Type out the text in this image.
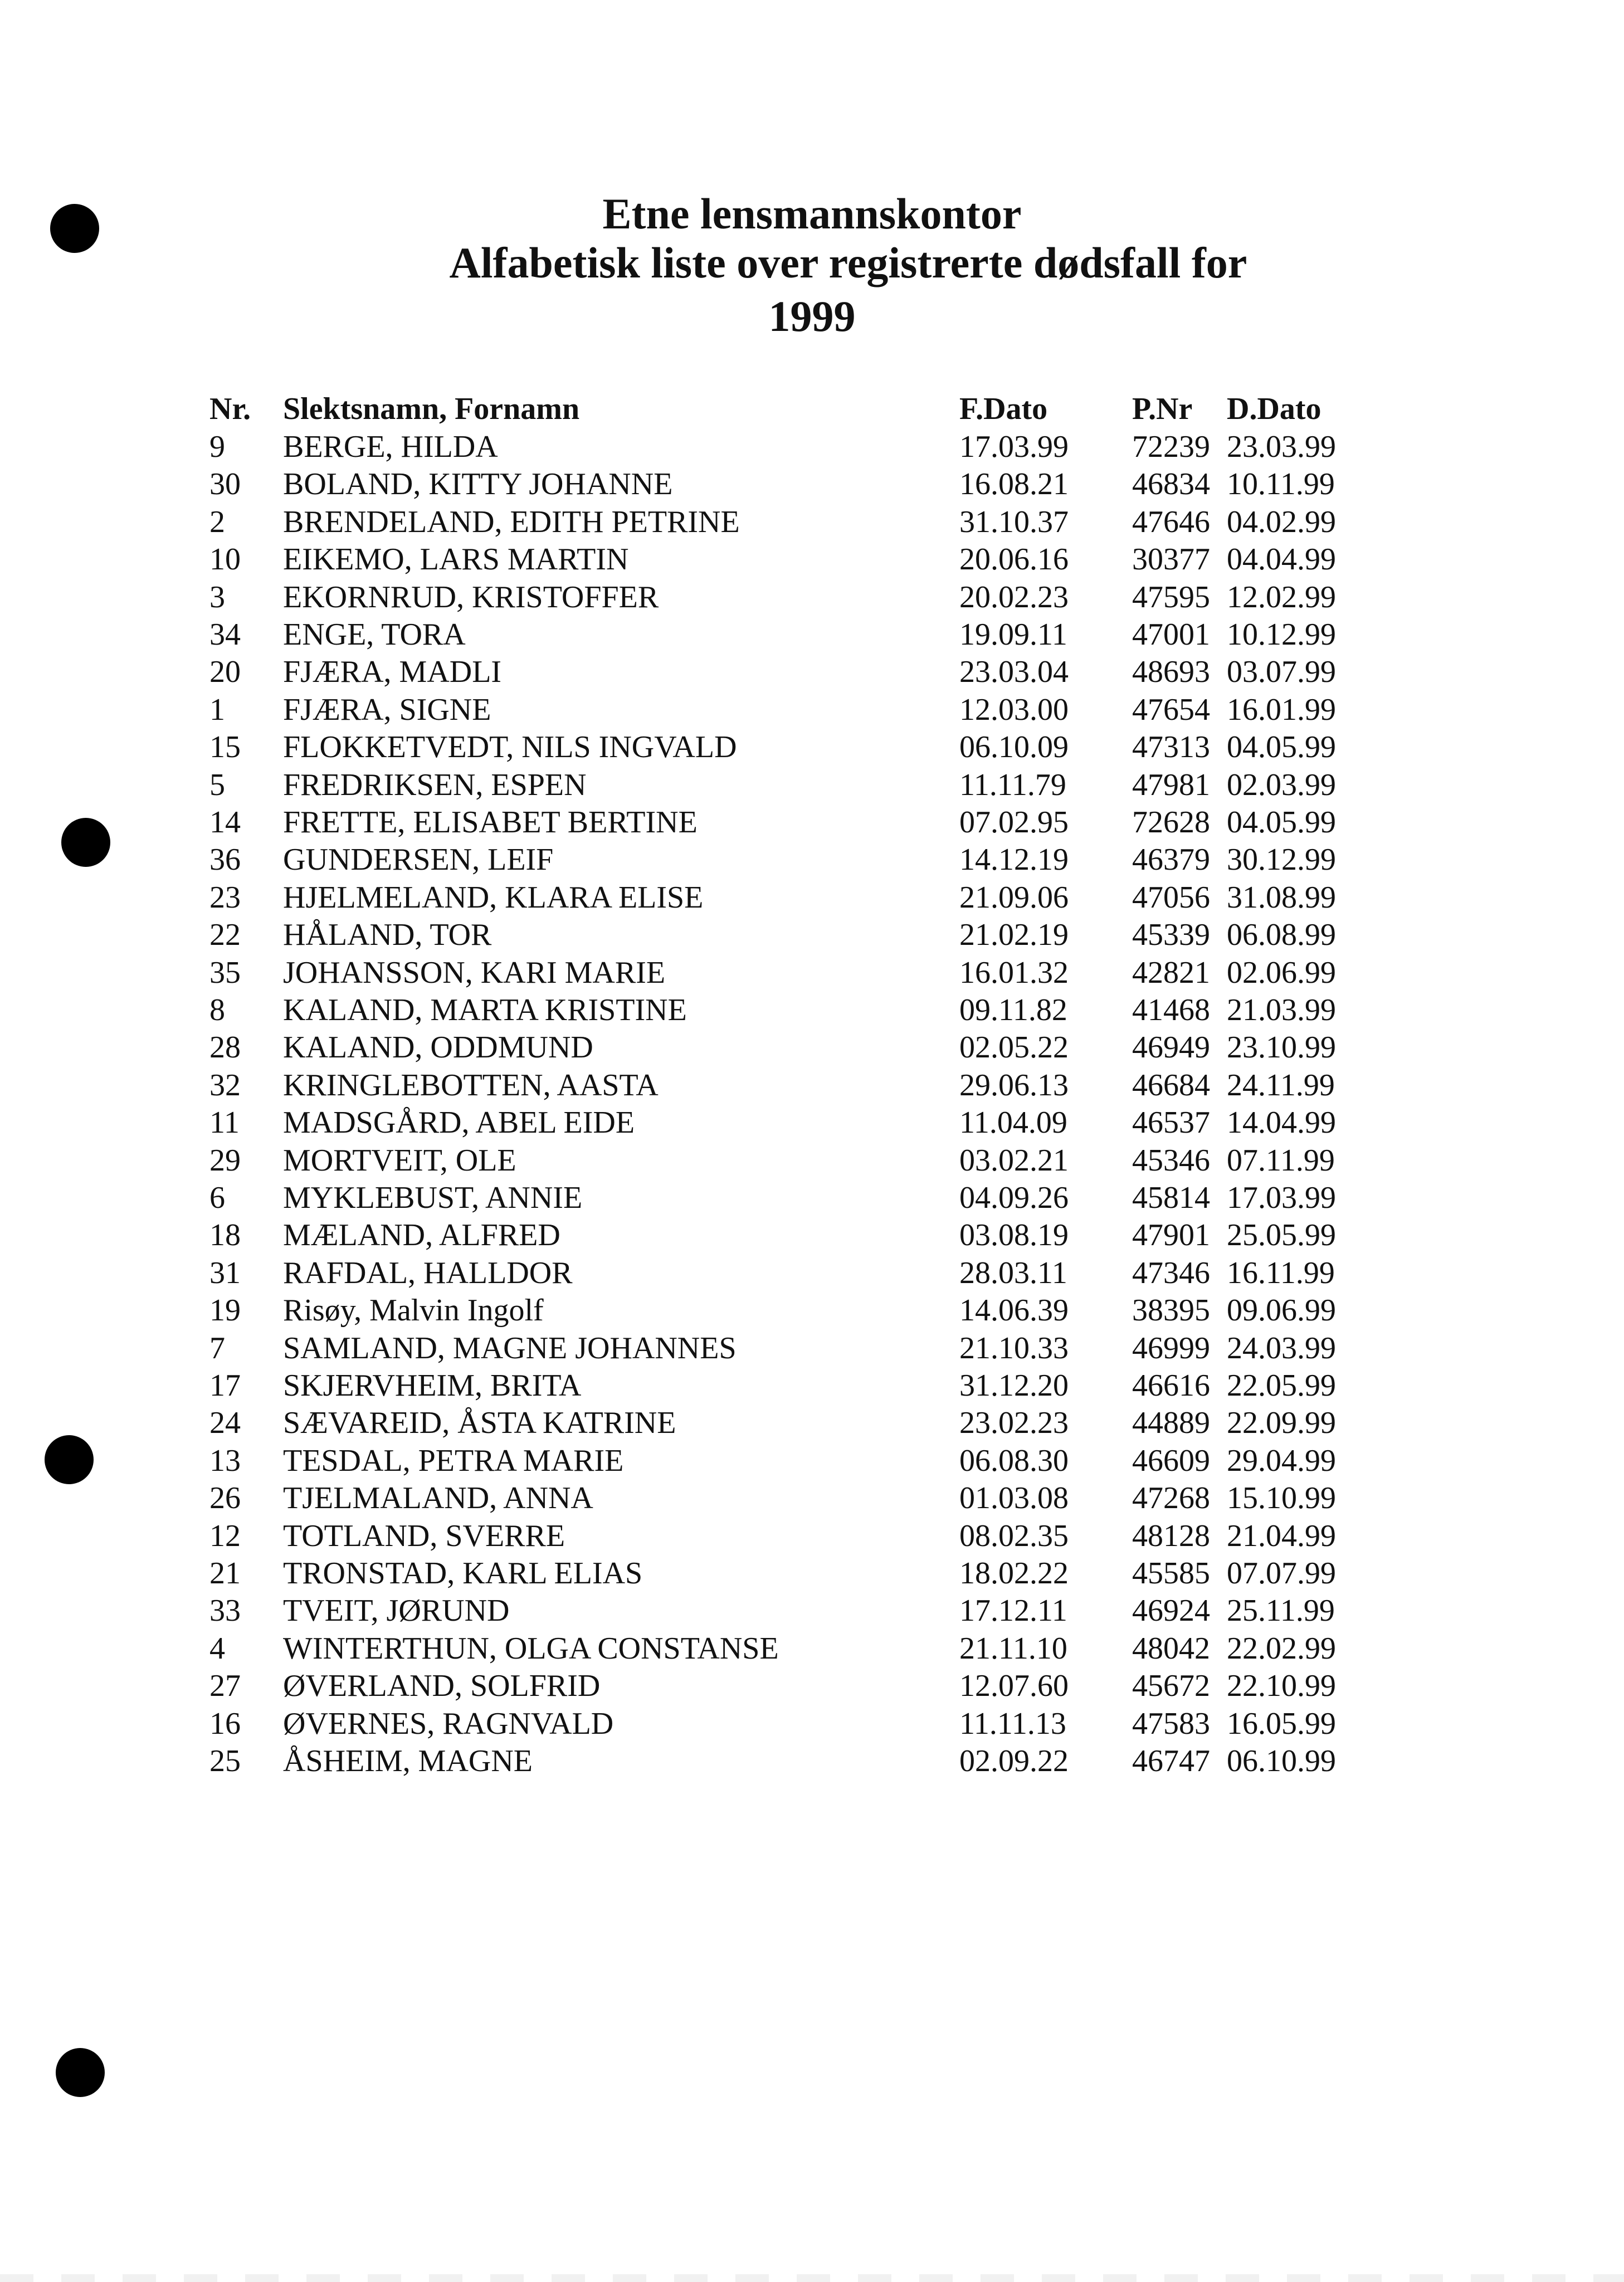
Etne lensmannskontor
Alfabetisk liste over registrerte dødsfall for
1999
Nr. Slektsnamn, Fornamn	F.Dato	P.Nr D.Dato
9 BERGE, HILDA	17.03.99 72239 23.03.99
30 BOLAND, KITTY JOHANNE	16.08.21 46834 10.11.99
2 BRENDELAND, EDITH PETRINE	31.10.37 47646 04.02.99
10 EIKEMO, LARS MARTIN	20.06.16 30377 04.04.99
3 EKORNRUD, KRISTOFFER	20.02.23 47595 12.02.99
34 ENGE, TORA	19.09.11 47001 10.12.99
20 FJÆRA, MADLI	23.03.04 48693 03.07.99
1 FJÆRA, SIGNE	12.03.00 47654 16.01.99
15 FLOKKETVEDT, NILS INGVALD	06.10.09 47313 04.05.99
5 FREDRIKSEN, ESPEN	11.11.79 47981 02.03.99
14 FRETTE, ELISABET BERTINE	07.02.95 72628 04.05.99
36 GUNDERSEN, LEIF	14.12.19 46379 30.12.99
23 HJELMELAND, KLARA ELISE	21.09.06 47056 31.08.99
22 HÅLAND, TOR	21.02.19 45339 06.08.99
35 JOHANSSON, KARI MARIE	16.01.32 42821 02.06.99
8 KALAND, MARTA KRISTINE	09.11.82 41468 21.03.99
28 KALAND, ODDMUND	02.05.22 46949 23.10.99
32 KRINGLEBOTTEN, AASTA	29.06.13 46684 24.11.99
11 MADSGÅRD, ABEL EIDE	11.04.09 46537 14.04.99
29 MORTVEIT, OLE	03.02.21 45346 07.11.99
6 MYKLEBUST, ANNIE	04.09.26 45814 17.03.99
18 MÆLAND, ALFRED	03.08.19 47901 25.05.99
31 RAFDAL, HALLDOR	28.03.11 47346 16.11.99
19 Risøy, Malvin Ingolf	14.06.39 38395 09.06.99
7 SAMLAND, MAGNE JOHANNES	21.10.33 46999 24.03.99
17 SKJERVHEIM, BRITA	31.12.20 46616 22.05.99
24 SÆVAREID, ÅSTA KATRINE	23.02.23 44889 22.09.99
13 TESDAL, PETRA MARIE	06.08.30 46609 29.04.99
26 TJELMALAND, ANNA	01.03.08 47268 15.10.99
12 TOTLAND, SVERRE	08.02.35 48128 21.04.99
21 TRONSTAD, KARL ELIAS	18.02.22 45585 07.07.99
33 TVEIT, JØRUND	17.12.11 46924 25.11.99
4 WINTERTHUN, OLGA CONSTANSE	21.11.10 48042 22.02.99
27 ØVERLAND, SOLFRID	12.07.60 45672 22.10.99
16 ØVERNES, RAGNVALD	11.11.13 47583 16.05.99
25 ÅSHEIM, MAGNE	02.09.22 46747 06.10.99
